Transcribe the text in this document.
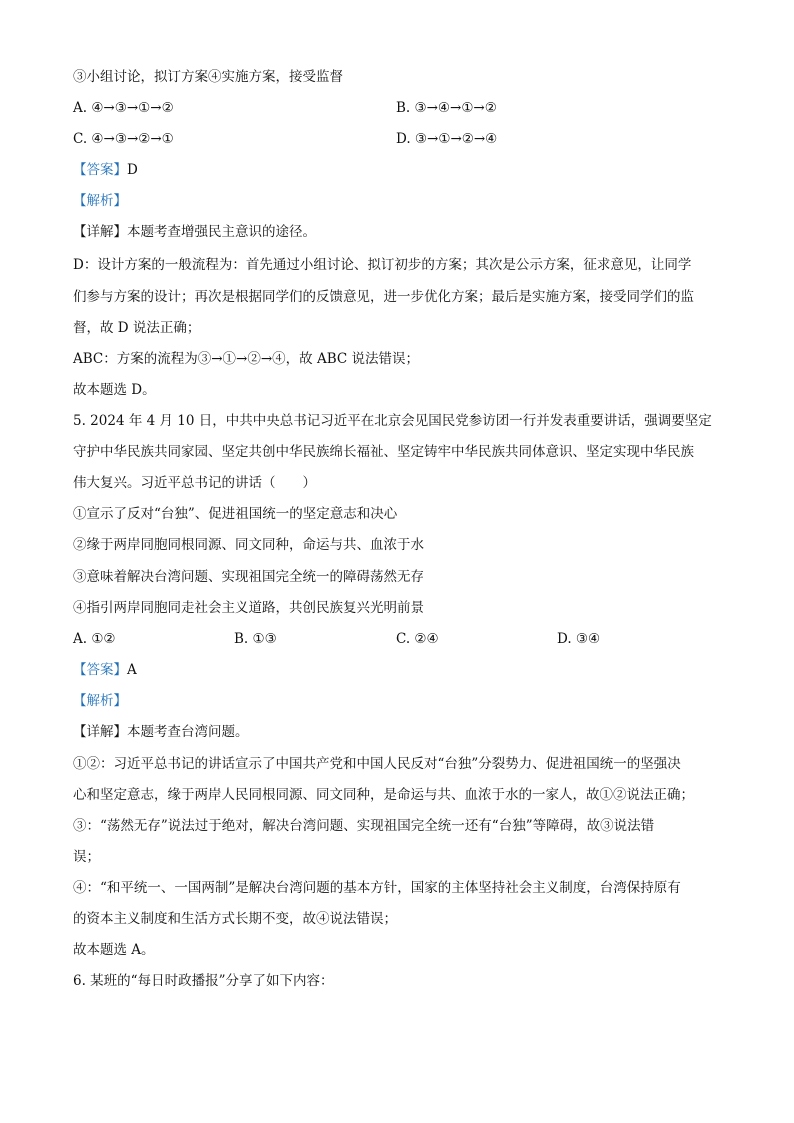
③小组讨论，拟订方案④实施方案，接受监督
A. ④→③→①→②	B. ③→④→①→②
C. ④→③→②→①	D. ③→①→②→④
【答案】D
【解析】
【详解】本题考查增强民主意识的途径。
D：设计方案的一般流程为：首先通过小组讨论、拟订初步的方案；其次是公示方案，征求意见，让同学
们参与方案的设计；再次是根据同学们的反馈意见，进一步优化方案；最后是实施方案，接受同学们的监
督，故 D 说法正确；
ABC：方案的流程为③→①→②→④，故 ABC 说法错误；
故本题选 D。
5. 2024 年 4 月 10 日，中共中央总书记习近平在北京会见国民党参访团一行并发表重要讲话，强调要坚定
守护中华民族共同家园、坚定共创中华民族绵长福祉、坚定铸牢中华民族共同体意识、坚定实现中华民族
伟大复兴。习近平总书记的讲话（　　）
①宣示了反对“台独”、促进祖国统一的坚定意志和决心
②缘于两岸同胞同根同源、同文同种，命运与共、血浓于水
③意味着解决台湾问题、实现祖国完全统一的障碍荡然无存
④指引两岸同胞同走社会主义道路，共创民族复兴光明前景
A. ①②	B. ①③	C. ②④	D. ③④
【答案】A
【解析】
【详解】本题考查台湾问题。
①②：习近平总书记的讲话宣示了中国共产党和中国人民反对“台独”分裂势力、促进祖国统一的坚强决
心和坚定意志，缘于两岸人民同根同源、同文同种，是命运与共、血浓于水的一家人，故①②说法正确；
③：“荡然无存”说法过于绝对，解决台湾问题、实现祖国完全统一还有“台独”等障碍，故③说法错
误；
④：“和平统一、一国两制”是解决台湾问题的基本方针，国家的主体坚持社会主义制度，台湾保持原有
的资本主义制度和生活方式长期不变，故④说法错误；
故本题选 A。
6. 某班的“每日时政播报”分享了如下内容：
